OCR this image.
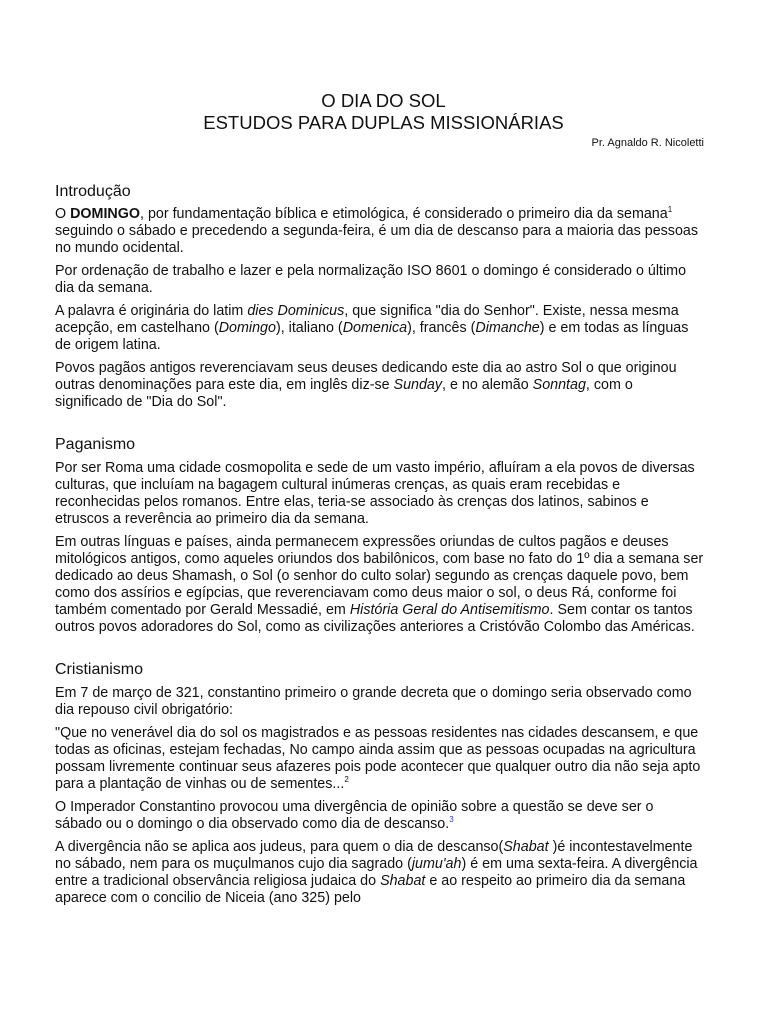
O DIA DO SOL
ESTUDOS PARA DUPLAS MISSIONÁRIAS
Pr. Agnaldo R. Nicoletti
Introdução

O DOMINGO, por fundamentação bíblica e etimológica, é considerado o primeiro dia da semana$^1$ seguindo o sábado e precedendo a segunda-feira, é um dia de descanso para a maioria das pessoas no mundo ocidental.

Por ordenação de trabalho e lazer e pela normalização ISO 8601 o domingo é considerado o último dia da semana.

A palavra é originária do latim dies Dominicus, que significa "dia do Senhor". Existe, nessa mesma acepção, em castelhano (Domingo), italiano (Domenica), francês (Dimanche) e em todas as línguas de origem latina.

Povos pagãos antigos reverenciavam seus deuses dedicando este dia ao astro Sol o que originou outras denominações para este dia, em inglês diz-se Sunday, e no alemão Sonntag, com o significado de "Dia do Sol".

Paganismo

Por ser Roma uma cidade cosmopolita e sede de um vasto império, afluíram a ela povos de diversas culturas, que incluíam na bagagem cultural inúmeras crenças, as quais eram recebidas e reconhecidas pelos romanos. Entre elas, teria-se associado às crenças dos latinos, sabinos e etruscos a reverência ao primeiro dia da semana.

Em outras línguas e países, ainda permanecem expressões oriundas de cultos pagãos e deuses mitológicos antigos, como aqueles oriundos dos babilônicos, com base no fato do 1º dia a semana ser dedicado ao deus Shamash, o Sol (o senhor do culto solar) segundo as crenças daquele povo, bem como dos assírios e egípcias, que reverenciavam como deus maior o sol, o deus Rá, conforme foi também comentado por Gerald Messadié, em História Geral do Antisemitismo. Sem contar os tantos outros povos adoradores do Sol, como as civilizações anteriores a Cristóvão Colombo das Américas.

Cristianismo

Em 7 de março de 321, constantino primeiro o grande decreta que o domingo seria observado como dia repouso civil obrigatório:

"Que no venerável dia do sol os magistrados e as pessoas residentes nas cidades descansem, e que todas as oficinas, estejam fechadas, No campo ainda assim que as pessoas ocupadas na agricultura possam livremente continuar seus afazeres pois pode acontecer que qualquer outro dia não seja apto para a plantação de vinhas ou de sementes...$^2$

O Imperador Constantino provocou uma divergência de opinião sobre a questão se deve ser o sábado ou o domingo o dia observado como dia de descanso.$^3$

A divergência não se aplica aos judeus, para quem o dia de descanso(Shabat )é incontestavelmente no sábado, nem para os muçulmanos cujo dia sagrado (jumu'ah) é em uma sexta-feira. A divergência entre a tradicional observância religiosa judaica do Shabat e ao respeito ao primeiro dia da semana aparece com o concilio de Niceia (ano 325) pelo
